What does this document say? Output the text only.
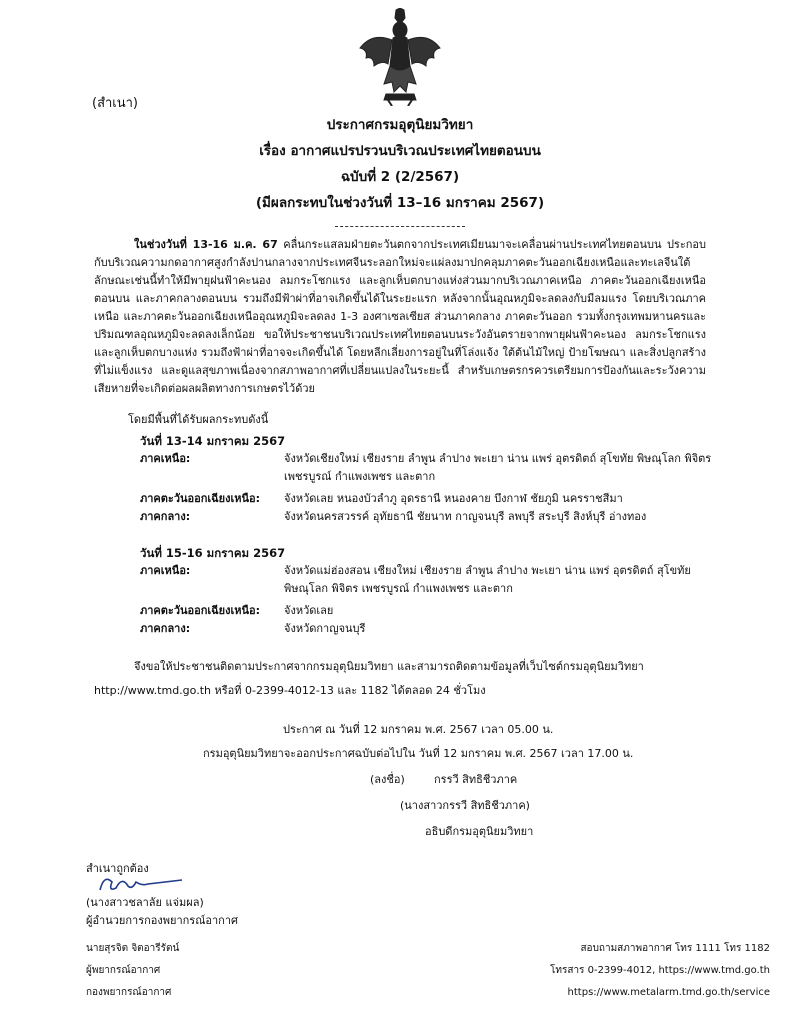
(สำเนา)
ประกาศกรมอุตุนิยมวิทยา
เรื่อง อากาศแปรปรวนบริเวณประเทศไทยตอนบน
ฉบับที่ 2 (2/2567)
(มีผลกระทบในช่วงวันที่ 13–16 มกราคม 2567)
ในช่วงวันที่ 13-16 ม.ค. 67 คลื่นกระแสลมฝ่ายตะวันตกจากประเทศเมียนมาจะเคลื่อนผ่านประเทศไทยตอนบน ประกอบกับบริเวณความกดอากาศสูงกำลังปานกลางจากประเทศจีนระลอกใหม่จะแผ่ลงมาปกคลุมภาคตะวันออกเฉียงเหนือและทะเลจีนใต้ ลักษณะเช่นนี้ทำให้มีพายุฝนฟ้าคะนอง ลมกระโชกแรง และลูกเห็บตกบางแห่งส่วนมากบริเวณภาคเหนือ ภาคตะวันออกเฉียงเหนือตอนบน และภาคกลางตอนบน รวมถึงมีฟ้าผ่าที่อาจเกิดขึ้นได้ในระยะแรก หลังจากนั้นอุณหภูมิจะลดลงกับมีลมแรง โดยบริเวณภาคเหนือ และภาคตะวันออกเฉียงเหนืออุณหภูมิจะลดลง 1-3 องศาเซลเซียส ส่วนภาคกลาง ภาคตะวันออก รวมทั้งกรุงเทพมหานครและปริมณฑลอุณหภูมิจะลดลงเล็กน้อย ขอให้ประชาชนบริเวณประเทศไทยตอนบนระวังอันตรายจากพายุฝนฟ้าคะนอง ลมกระโชกแรง และลูกเห็บตกบางแห่ง รวมถึงฟ้าผ่าที่อาจจะเกิดขึ้นได้ โดยหลีกเลี่ยงการอยู่ในที่โล่งแจ้ง ใต้ต้นไม้ใหญ่ ป้ายโฆษณา และสิ่งปลูกสร้างที่ไม่แข็งแรง และดูแลสุขภาพเนื่องจากสภาพอากาศที่เปลี่ยนแปลงในระยะนี้ สำหรับเกษตรกรควรเตรียมการป้องกันและระวังความเสียหายที่จะเกิดต่อผลผลิตทางการเกษตรไว้ด้วย
โดยมีพื้นที่ได้รับผลกระทบดังนี้
วันที่ 13-14 มกราคม 2567
ภาคเหนือ:	จังหวัดเชียงใหม่ เชียงราย ลำพูน ลำปาง พะเยา น่าน แพร่ อุตรดิตถ์ สุโขทัย พิษณุโลก พิจิตร เพชรบูรณ์ กำแพงเพชร และตาก
ภาคตะวันออกเฉียงเหนือ:	จังหวัดเลย หนองบัวลำภู อุดรธานี หนองคาย บึงกาฬ ชัยภูมิ นครราชสีมา
ภาคกลาง:	จังหวัดนครสวรรค์ อุทัยธานี ชัยนาท กาญจนบุรี ลพบุรี สระบุรี สิงห์บุรี อ่างทอง
วันที่ 15-16 มกราคม 2567
ภาคเหนือ:	จังหวัดแม่ฮ่องสอน เชียงใหม่ เชียงราย ลำพูน ลำปาง พะเยา น่าน แพร่ อุตรดิตถ์ สุโขทัย พิษณุโลก พิจิตร เพชรบูรณ์ กำแพงเพชร และตาก
ภาคตะวันออกเฉียงเหนือ:	จังหวัดเลย
ภาคกลาง:	จังหวัดกาญจนบุรี
จึงขอให้ประชาชนติดตามประกาศจากกรมอุตุนิยมวิทยา และสามารถติดตามข้อมูลที่เว็บไซต์กรมอุตุนิยมวิทยา
http://www.tmd.go.th หรือที่ 0-2399-4012-13 และ 1182 ได้ตลอด 24 ชั่วโมง
ประกาศ ณ วันที่ 12 มกราคม พ.ศ. 2567 เวลา 05.00 น.
กรมอุตุนิยมวิทยาจะออกประกาศฉบับต่อไปใน วันที่ 12 มกราคม พ.ศ. 2567 เวลา 17.00 น.
(ลงชื่อ)	กรรวี สิทธิชีวภาค
(นางสาวกรรวี สิทธิชีวภาค)
อธิบดีกรมอุตุนิยมวิทยา
สำเนาถูกต้อง
(นางสาวชลาลัย แจ่มผล)
ผู้อำนวยการกองพยากรณ์อากาศ
นายสุรจิต จิตอารีรัตน์
ผู้พยากรณ์อากาศ
กองพยากรณ์อากาศ
สอบถามสภาพอากาศ โทร 1111 โทร 1182
โทรสาร 0-2399-4012, https://www.tmd.go.th
https://www.metalarm.tmd.go.th/service
